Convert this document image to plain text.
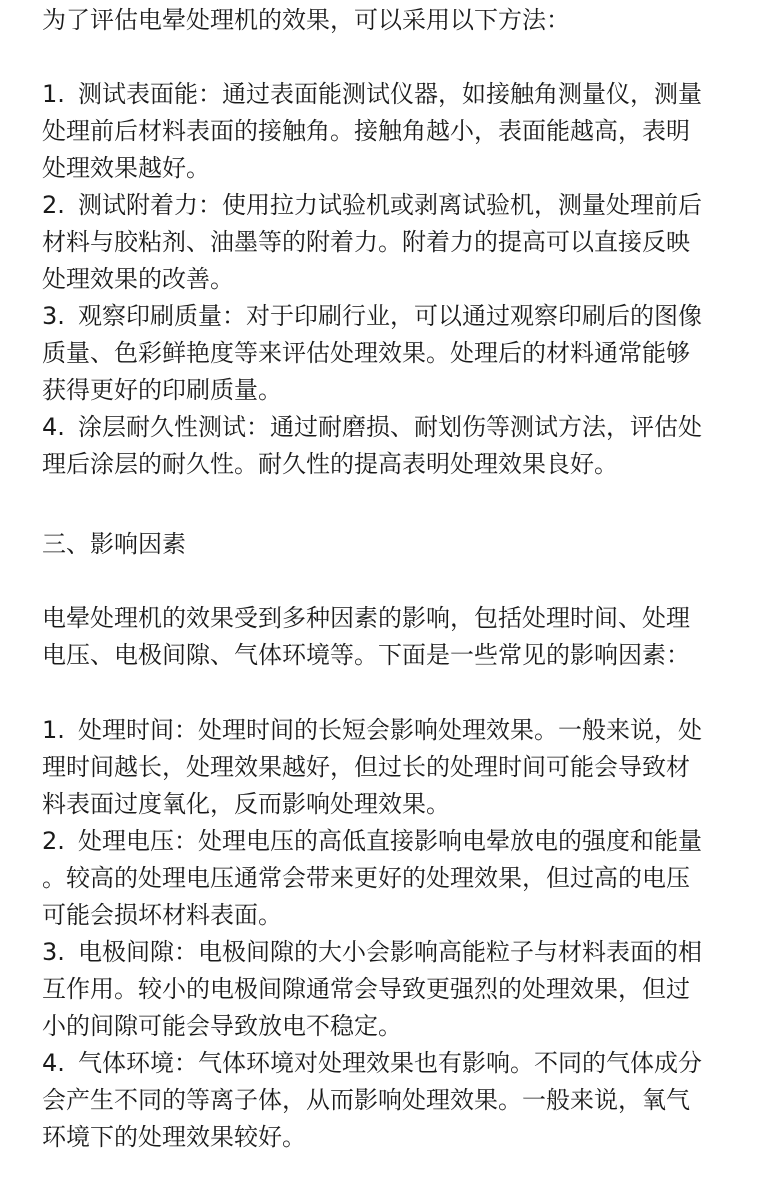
为了评估电晕处理机的效果，可以采用以下方法：
1. 测试表面能：通过表面能测试仪器，如接触角测量仪，测量
处理前后材料表面的接触角。接触角越小，表面能越高，表明
处理效果越好。
2. 测试附着力：使用拉力试验机或剥离试验机，测量处理前后
材料与胶粘剂、油墨等的附着力。附着力的提高可以直接反映
处理效果的改善。
3. 观察印刷质量：对于印刷行业，可以通过观察印刷后的图像
质量、色彩鲜艳度等来评估处理效果。处理后的材料通常能够
获得更好的印刷质量。
4. 涂层耐久性测试：通过耐磨损、耐划伤等测试方法，评估处
理后涂层的耐久性。耐久性的提高表明处理效果良好。
三、影响因素
电晕处理机的效果受到多种因素的影响，包括处理时间、处理
电压、电极间隙、气体环境等。下面是一些常见的影响因素：
1. 处理时间：处理时间的长短会影响处理效果。一般来说，处
理时间越长，处理效果越好，但过长的处理时间可能会导致材
料表面过度氧化，反而影响处理效果。
2. 处理电压：处理电压的高低直接影响电晕放电的强度和能量
。较高的处理电压通常会带来更好的处理效果，但过高的电压
可能会损坏材料表面。
3. 电极间隙：电极间隙的大小会影响高能粒子与材料表面的相
互作用。较小的电极间隙通常会导致更强烈的处理效果，但过
小的间隙可能会导致放电不稳定。
4. 气体环境：气体环境对处理效果也有影响。不同的气体成分
会产生不同的等离子体，从而影响处理效果。一般来说，氧气
环境下的处理效果较好。
